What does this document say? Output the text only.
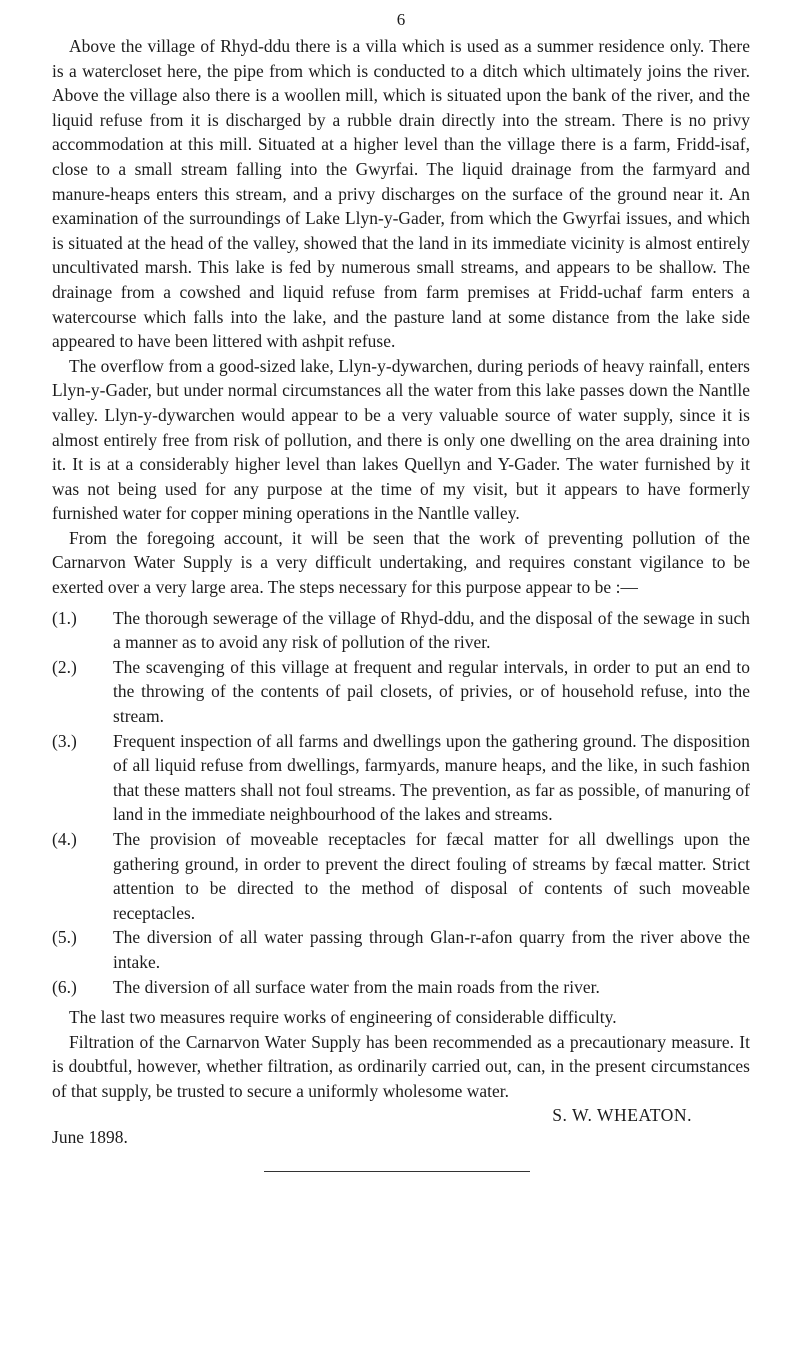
6

Above the village of Rhyd-ddu there is a villa which is used as a summer residence only. There is a watercloset here, the pipe from which is conducted to a ditch which ultimately joins the river. Above the village also there is a woollen mill, which is situated upon the bank of the river, and the liquid refuse from it is discharged by a rubble drain directly into the stream. There is no privy accommodation at this mill. Situated at a higher level than the village there is a farm, Fridd-isaf, close to a small stream falling into the Gwyrfai. The liquid drainage from the farmyard and manure-heaps enters this stream, and a privy discharges on the surface of the ground near it. An examination of the surroundings of Lake Llyn-y-Gader, from which the Gwyrfai issues, and which is situated at the head of the valley, showed that the land in its immediate vicinity is almost entirely uncultivated marsh. This lake is fed by numerous small streams, and appears to be shallow. The drainage from a cowshed and liquid refuse from farm premises at Fridd-uchaf farm enters a watercourse which falls into the lake, and the pasture land at some distance from the lake side appeared to have been littered with ashpit refuse.

The overflow from a good-sized lake, Llyn-y-dywarchen, during periods of heavy rainfall, enters Llyn-y-Gader, but under normal circumstances all the water from this lake passes down the Nantlle valley. Llyn-y-dywarchen would appear to be a very valuable source of water supply, since it is almost entirely free from risk of pollution, and there is only one dwelling on the area draining into it. It is at a considerably higher level than lakes Quellyn and Y-Gader. The water furnished by it was not being used for any purpose at the time of my visit, but it appears to have formerly furnished water for copper mining operations in the Nantlle valley.

From the foregoing account, it will be seen that the work of preventing pollution of the Carnarvon Water Supply is a very difficult undertaking, and requires constant vigilance to be exerted over a very large area. The steps necessary for this purpose appear to be :—

(1.)	The thorough sewerage of the village of Rhyd-ddu, and the disposal of the sewage in such a manner as to avoid any risk of pollution of the river.
(2.)	The scavenging of this village at frequent and regular intervals, in order to put an end to the throwing of the contents of pail closets, of privies, or of household refuse, into the stream.
(3.)	Frequent inspection of all farms and dwellings upon the gathering ground. The disposition of all liquid refuse from dwellings, farmyards, manure heaps, and the like, in such fashion that these matters shall not foul streams. The prevention, as far as possible, of manuring of land in the immediate neighbourhood of the lakes and streams.
(4.)	The provision of moveable receptacles for fæcal matter for all dwellings upon the gathering ground, in order to prevent the direct fouling of streams by fæcal matter. Strict attention to be directed to the method of disposal of contents of such moveable receptacles.
(5.)	The diversion of all water passing through Glan-r-afon quarry from the river above the intake.
(6.)	The diversion of all surface water from the main roads from the river.

The last two measures require works of engineering of considerable difficulty.

Filtration of the Carnarvon Water Supply has been recommended as a precautionary measure. It is doubtful, however, whether filtration, as ordinarily carried out, can, in the present circumstances of that supply, be trusted to secure a uniformly wholesome water.

S. W. WHEATON.
June 1898.
